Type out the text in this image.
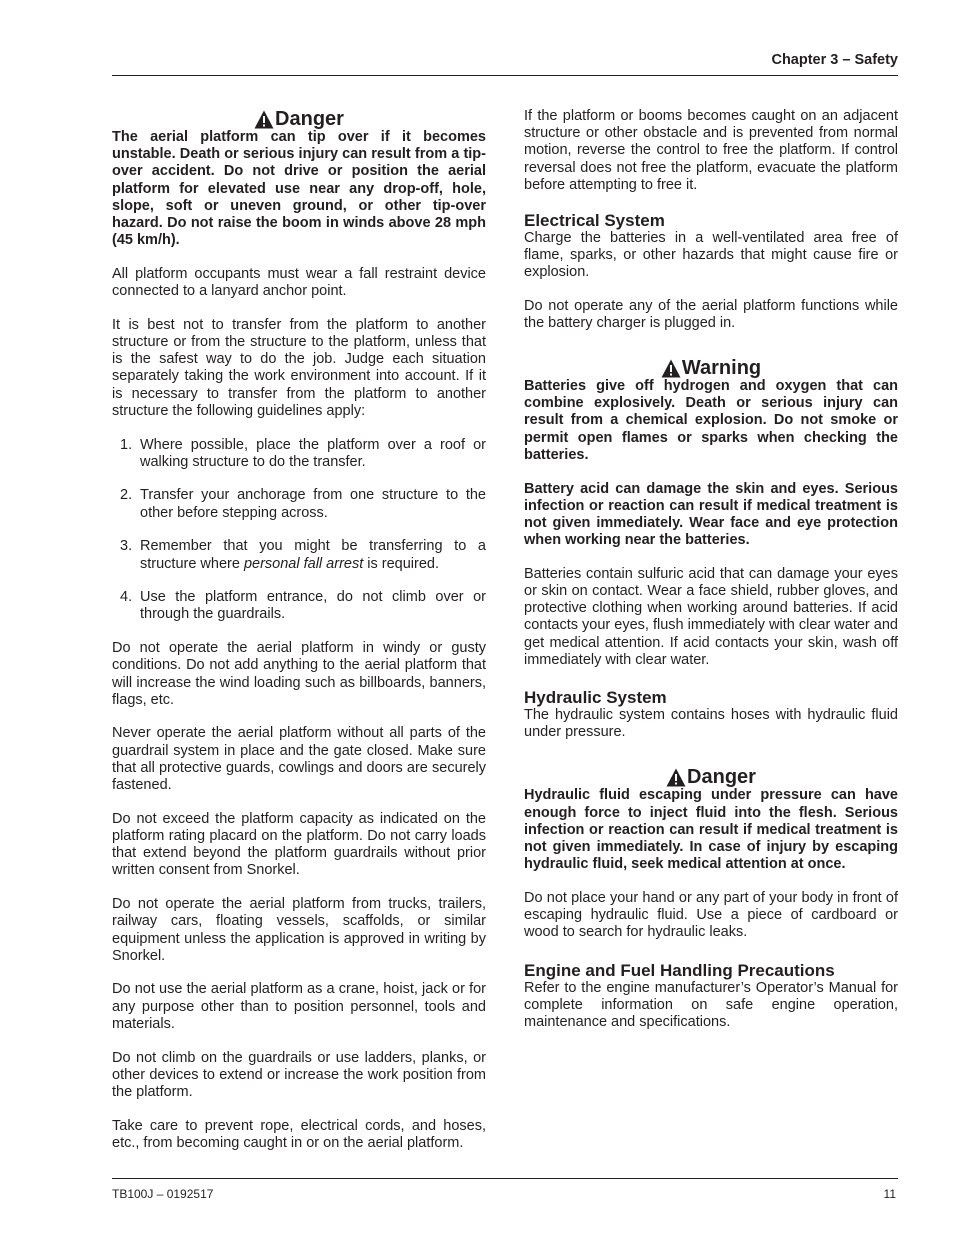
Chapter 3 – Safety
Danger

The aerial platform can tip over if it becomes unstable. Death or serious injury can result from a tip-over accident. Do not drive or position the aerial platform for elevated use near any drop-off, hole, slope, soft or uneven ground, or other tip-over hazard. Do not raise the boom in winds above 28 mph (45 km/h).

All platform occupants must wear a fall restraint device connected to a lanyard anchor point.

It is best not to transfer from the platform to another structure or from the structure to the platform, unless that is the safest way to do the job. Judge each situation separately taking the work environment into account. If it is necessary to transfer from the platform to another structure the following guidelines apply:

1. Where possible, place the platform over a roof or walking structure to do the transfer.
2. Transfer your anchorage from one structure to the other before stepping across.
3. Remember that you might be transferring to a structure where personal fall arrest is required.
4. Use the platform entrance, do not climb over or through the guardrails.

Do not operate the aerial platform in windy or gusty conditions. Do not add anything to the aerial platform that will increase the wind loading such as billboards, banners, flags, etc.

Never operate the aerial platform without all parts of the guardrail system in place and the gate closed. Make sure that all protective guards, cowlings and doors are securely fastened.

Do not exceed the platform capacity as indicated on the platform rating placard on the platform. Do not carry loads that extend beyond the platform guardrails without prior written consent from Snorkel.

Do not operate the aerial platform from trucks, trailers, railway cars, floating vessels, scaffolds, or similar equipment unless the application is approved in writing by Snorkel.

Do not use the aerial platform as a crane, hoist, jack or for any purpose other than to position personnel, tools and materials.

Do not climb on the guardrails or use ladders, planks, or other devices to extend or increase the work position from the platform.

Take care to prevent rope, electrical cords, and hoses, etc., from becoming caught in or on the aerial platform.

If the platform or booms becomes caught on an adjacent structure or other obstacle and is prevented from normal motion, reverse the control to free the platform. If control reversal does not free the platform, evacuate the platform before attempting to free it.

Electrical System

Charge the batteries in a well-ventilated area free of flame, sparks, or other hazards that might cause fire or explosion.

Do not operate any of the aerial platform functions while the battery charger is plugged in.

Warning

Batteries give off hydrogen and oxygen that can combine explosively. Death or serious injury can result from a chemical explosion. Do not smoke or permit open flames or sparks when checking the batteries.

Battery acid can damage the skin and eyes. Serious infection or reaction can result if medical treatment is not given immediately. Wear face and eye protection when working near the batteries.

Batteries contain sulfuric acid that can damage your eyes or skin on contact. Wear a face shield, rubber gloves, and protective clothing when working around batteries. If acid contacts your eyes, flush immediately with clear water and get medical attention. If acid contacts your skin, wash off immediately with clear water.

Hydraulic System

The hydraulic system contains hoses with hydraulic fluid under pressure.

Danger

Hydraulic fluid escaping under pressure can have enough force to inject fluid into the flesh. Serious infection or reaction can result if medical treatment is not given immediately. In case of injury by escaping hydraulic fluid, seek medical attention at once.

Do not place your hand or any part of your body in front of escaping hydraulic fluid. Use a piece of cardboard or wood to search for hydraulic leaks.

Engine and Fuel Handling Precautions

Refer to the engine manufacturer’s Operator’s Manual for complete information on safe engine operation, maintenance and specifications.

TB100J – 0192517	11
